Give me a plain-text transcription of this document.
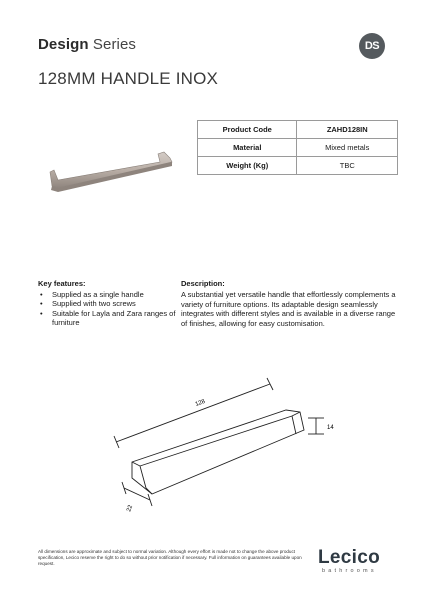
Design Series	DS
128MM HANDLE INOX
Product Code	ZAHD128IN
Material	Mixed metals
Weight (Kg)	TBC
Key features:
• Supplied as a single handle
• Supplied with two screws
• Suitable for Layla and Zara ranges of furniture
Description:
A substantial yet versatile handle that effortlessly complements a variety of furniture options. Its adaptable design seamlessly integrates with different styles and is available in a diverse range of finishes, allowing for easy customisation.
128
14
22
All dimensions are approximate and subject to normal variation. Although every effort is made not to change the above product specification, Lecico reserve the right to do so without prior notification if necessary. Full information on guarantees available upon request.	Lecico
bathrooms
